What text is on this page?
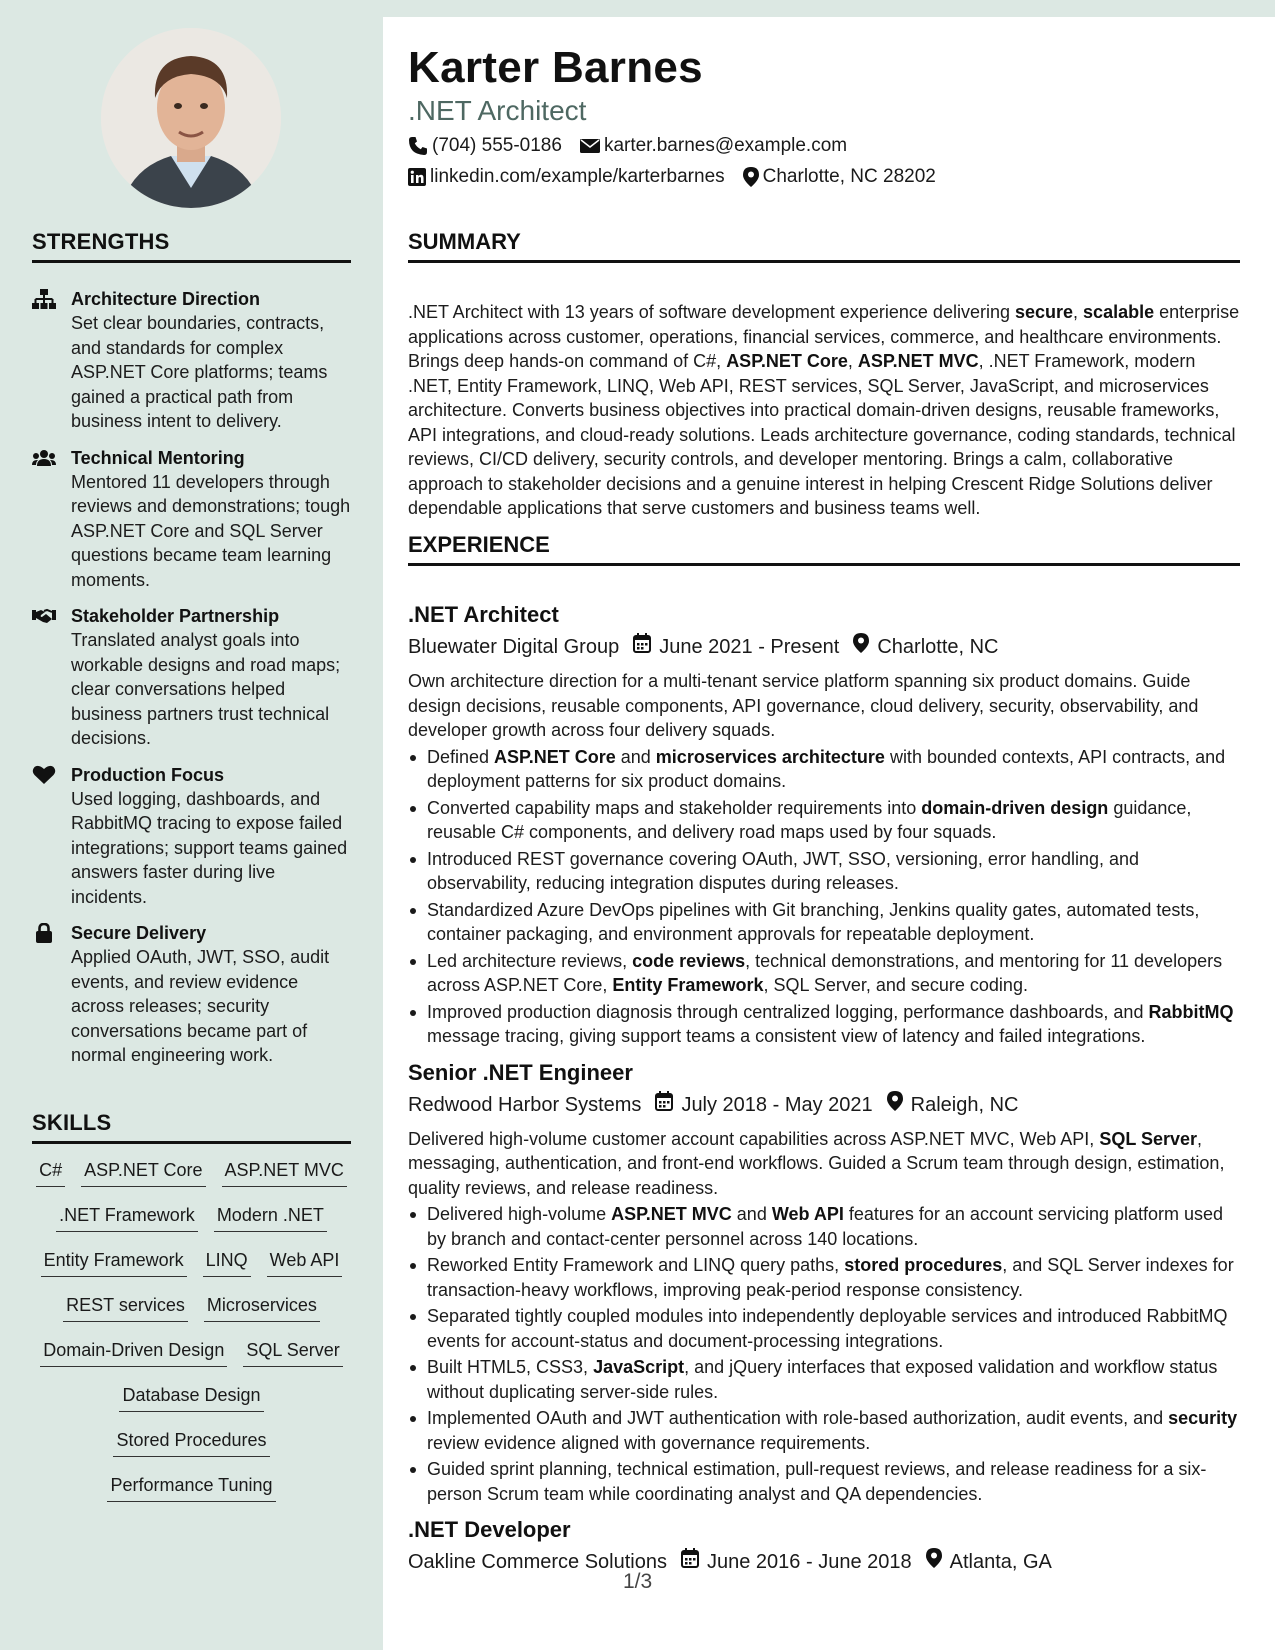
STRENGTHS
Architecture Direction
Set clear boundaries, contracts, and standards for complex ASP.NET Core platforms; teams gained a practical path from business intent to delivery.
Technical Mentoring
Mentored 11 developers through reviews and demonstrations; tough ASP.NET Core and SQL Server questions became team learning moments.
Stakeholder Partnership
Translated analyst goals into workable designs and road maps; clear conversations helped business partners trust technical decisions.
Production Focus
Used logging, dashboards, and RabbitMQ tracing to expose failed integrations; support teams gained answers faster during live incidents.
Secure Delivery
Applied OAuth, JWT, SSO, audit events, and review evidence across releases; security conversations became part of normal engineering work.
SKILLS
C# ASP.NET Core ASP.NET MVC
.NET Framework Modern .NET
Entity Framework LINQ Web API
REST services Microservices
Domain-Driven Design SQL Server
Database Design
Stored Procedures
Performance Tuning
Karter Barnes
.NET Architect
(704) 555-0186 karter.barnes@example.com
linkedin.com/example/karterbarnes Charlotte, NC 28202
SUMMARY
.NET Architect with 13 years of software development experience delivering secure, scalable enterprise applications across customer, operations, financial services, commerce, and healthcare environments. Brings deep hands-on command of C#, ASP.NET Core, ASP.NET MVC, .NET Framework, modern .NET, Entity Framework, LINQ, Web API, REST services, SQL Server, JavaScript, and microservices architecture. Converts business objectives into practical domain-driven designs, reusable frameworks, API integrations, and cloud-ready solutions. Leads architecture governance, coding standards, technical reviews, CI/CD delivery, security controls, and developer mentoring. Brings a calm, collaborative approach to stakeholder decisions and a genuine interest in helping Crescent Ridge Solutions deliver dependable applications that serve customers and business teams well.
EXPERIENCE
.NET Architect
Bluewater Digital Group June 2021 - Present Charlotte, NC
Own architecture direction for a multi-tenant service platform spanning six product domains. Guide design decisions, reusable components, API governance, cloud delivery, security, observability, and developer growth across four delivery squads.
Defined ASP.NET Core and microservices architecture with bounded contexts, API contracts, and deployment patterns for six product domains.
Converted capability maps and stakeholder requirements into domain-driven design guidance, reusable C# components, and delivery road maps used by four squads.
Introduced REST governance covering OAuth, JWT, SSO, versioning, error handling, and observability, reducing integration disputes during releases.
Standardized Azure DevOps pipelines with Git branching, Jenkins quality gates, automated tests, container packaging, and environment approvals for repeatable deployment.
Led architecture reviews, code reviews, technical demonstrations, and mentoring for 11 developers across ASP.NET Core, Entity Framework, SQL Server, and secure coding.
Improved production diagnosis through centralized logging, performance dashboards, and RabbitMQ message tracing, giving support teams a consistent view of latency and failed integrations.
Senior .NET Engineer
Redwood Harbor Systems July 2018 - May 2021 Raleigh, NC
Delivered high-volume customer account capabilities across ASP.NET MVC, Web API, SQL Server, messaging, authentication, and front-end workflows. Guided a Scrum team through design, estimation, quality reviews, and release readiness.
Delivered high-volume ASP.NET MVC and Web API features for an account servicing platform used by branch and contact-center personnel across 140 locations.
Reworked Entity Framework and LINQ query paths, stored procedures, and SQL Server indexes for transaction-heavy workflows, improving peak-period response consistency.
Separated tightly coupled modules into independently deployable services and introduced RabbitMQ events for account-status and document-processing integrations.
Built HTML5, CSS3, JavaScript, and jQuery interfaces that exposed validation and workflow status without duplicating server-side rules.
Implemented OAuth and JWT authentication with role-based authorization, audit events, and security review evidence aligned with governance requirements.
Guided sprint planning, technical estimation, pull-request reviews, and release readiness for a six-person Scrum team while coordinating analyst and QA dependencies.
.NET Developer
Oakline Commerce Solutions June 2016 - June 2018 Atlanta, GA
1/3
